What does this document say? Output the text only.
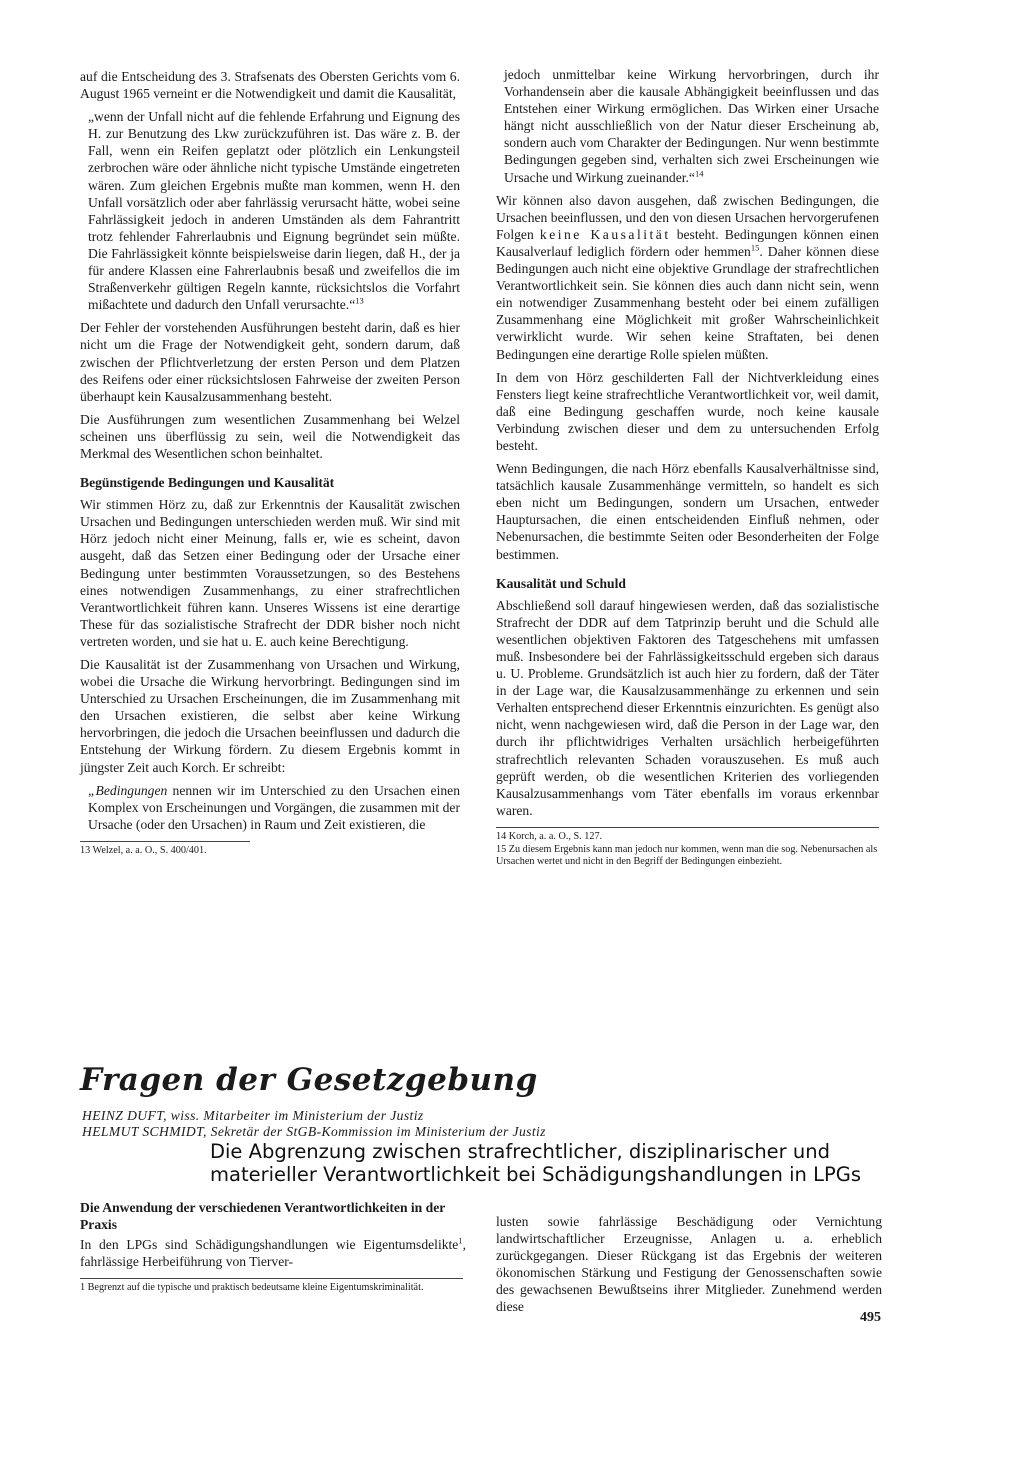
auf die Entscheidung des 3. Strafsenats des Obersten Gerichts vom 6. August 1965 verneint er die Notwendigkeit und damit die Kausalität,

„wenn der Unfall nicht auf die fehlende Erfahrung und Eignung des H. zur Benutzung des Lkw zurückzuführen ist. Das wäre z. B. der Fall, wenn ein Reifen geplatzt oder plötzlich ein Lenkungsteil zerbrochen wäre oder ähnliche nicht typische Umstände eingetreten wären. Zum gleichen Ergebnis mußte man kommen, wenn H. den Unfall vorsätzlich oder aber fahrlässig verursacht hätte, wobei seine Fahrlässigkeit jedoch in anderen Umständen als dem Fahrantritt trotz fehlender Fahrerlaubnis und Eignung begründet sein müßte. Die Fahrlässigkeit könnte beispielsweise darin liegen, daß H., der ja für andere Klassen eine Fahrerlaubnis besaß und zweifellos die im Straßenverkehr gültigen Regeln kannte, rücksichtslos die Vorfahrt mißachtete und dadurch den Unfall verursachte.“$^{13}$

Der Fehler der vorstehenden Ausführungen besteht darin, daß es hier nicht um die Frage der Notwendigkeit geht, sondern darum, daß zwischen der Pflichtverletzung der ersten Person und dem Platzen des Reifens oder einer rücksichtslosen Fahrweise der zweiten Person überhaupt kein Kausalzusammenhang besteht.

Die Ausführungen zum wesentlichen Zusammenhang bei Welzel scheinen uns überflüssig zu sein, weil die Notwendigkeit das Merkmal des Wesentlichen schon beinhaltet.

Begünstigende Bedingungen und Kausalität

Wir stimmen Hörz zu, daß zur Erkenntnis der Kausalität zwischen Ursachen und Bedingungen unterschieden werden muß. Wir sind mit Hörz jedoch nicht einer Meinung, falls er, wie es scheint, davon ausgeht, daß das Setzen einer Bedingung oder der Ursache einer Bedingung unter bestimmten Voraussetzungen, so des Bestehens eines notwendigen Zusammenhangs, zu einer strafrechtlichen Verantwortlichkeit führen kann. Unseres Wissens ist eine derartige These für das sozialistische Strafrecht der DDR bisher noch nicht vertreten worden, und sie hat u. E. auch keine Berechtigung.

Die Kausalität ist der Zusammenhang von Ursachen und Wirkung, wobei die Ursache die Wirkung hervorbringt. Bedingungen sind im Unterschied zu Ursachen Erscheinungen, die im Zusammenhang mit den Ursachen existieren, die selbst aber keine Wirkung hervorbringen, die jedoch die Ursachen beeinflussen und dadurch die Entstehung der Wirkung fördern. Zu diesem Ergebnis kommt in jüngster Zeit auch Korch. Er schreibt:

„Bedingungen nennen wir im Unterschied zu den Ursachen einen Komplex von Erscheinungen und Vorgängen, die zusammen mit der Ursache (oder den Ursachen) in Raum und Zeit existieren, die

13 Welzel, a. a. O., S. 400/401.

jedoch unmittelbar keine Wirkung hervorbringen, durch ihr Vorhandensein aber die kausale Abhängigkeit beeinflussen und das Entstehen einer Wirkung ermöglichen. Das Wirken einer Ursache hängt nicht ausschließlich von der Natur dieser Erscheinung ab, sondern auch vom Charakter der Bedingungen. Nur wenn bestimmte Bedingungen gegeben sind, verhalten sich zwei Erscheinungen wie Ursache und Wirkung zueinander.“$^{14}$

Wir können also davon ausgehen, daß zwischen Bedingungen, die Ursachen beeinflussen, und den von diesen Ursachen hervorgerufenen Folgen keine Kausalität besteht. Bedingungen können einen Kausalverlauf lediglich fördern oder hemmen$^{15}$. Daher können diese Bedingungen auch nicht eine objektive Grundlage der strafrechtlichen Verantwortlichkeit sein. Sie können dies auch dann nicht sein, wenn ein notwendiger Zusammenhang besteht oder bei einem zufälligen Zusammenhang eine Möglichkeit mit großer Wahrscheinlichkeit verwirklicht wurde. Wir sehen keine Straftaten, bei denen Bedingungen eine derartige Rolle spielen müßten.

In dem von Hörz geschilderten Fall der Nichtverkleidung eines Fensters liegt keine strafrechtliche Verantwortlichkeit vor, weil damit, daß eine Bedingung geschaffen wurde, noch keine kausale Verbindung zwischen dieser und dem zu untersuchenden Erfolg besteht.

Wenn Bedingungen, die nach Hörz ebenfalls Kausalverhältnisse sind, tatsächlich kausale Zusammenhänge vermitteln, so handelt es sich eben nicht um Bedingungen, sondern um Ursachen, entweder Hauptursachen, die einen entscheidenden Einfluß nehmen, oder Nebenursachen, die bestimmte Seiten oder Besonderheiten der Folge bestimmen.

Kausalität und Schuld

Abschließend soll darauf hingewiesen werden, daß das sozialistische Strafrecht der DDR auf dem Tatprinzip beruht und die Schuld alle wesentlichen objektiven Faktoren des Tatgeschehens mit umfassen muß. Insbesondere bei der Fahrlässigkeitsschuld ergeben sich daraus u. U. Probleme. Grundsätzlich ist auch hier zu fordern, daß der Täter in der Lage war, die Kausalzusammenhänge zu erkennen und sein Verhalten entsprechend dieser Erkenntnis einzurichten. Es genügt also nicht, wenn nachgewiesen wird, daß die Person in der Lage war, den durch ihr pflichtwidriges Verhalten ursächlich herbeigeführten strafrechtlich relevanten Schaden vorauszusehen. Es muß auch geprüft werden, ob die wesentlichen Kriterien des vorliegenden Kausalzusammenhangs vom Täter ebenfalls im voraus erkennbar waren.

14 Korch, a. a. O., S. 127.

15 Zu diesem Ergebnis kann man jedoch nur kommen, wenn man die sog. Nebenursachen als Ursachen wertet und nicht in den Begriff der Bedingungen einbezieht.

Fragen der Gesetzgebung
HEINZ DUFT, wiss. Mitarbeiter im Ministerium der Justiz
HELMUT SCHMIDT, Sekretär der StGB-Kommission im Ministerium der Justiz
Die Abgrenzung zwischen strafrechtlicher, disziplinarischer und materieller Verantwortlichkeit bei Schädigungshandlungen in LPGs
Die Anwendung der verschiedenen Verantwortlichkeiten in der Praxis

In den LPGs sind Schädigungshandlungen wie Eigentumsdelikte$^1$, fahrlässige Herbeiführung von Tierver-

1 Begrenzt auf die typische und praktisch bedeutsame kleine Eigentumskriminalität.

lusten sowie fahrlässige Beschädigung oder Vernichtung landwirtschaftlicher Erzeugnisse, Anlagen u. a. erheblich zurückgegangen. Dieser Rückgang ist das Ergebnis der weiteren ökonomischen Stärkung und Festigung der Genossenschaften sowie des gewachsenen Bewußtseins ihrer Mitglieder. Zunehmend werden diese

495
